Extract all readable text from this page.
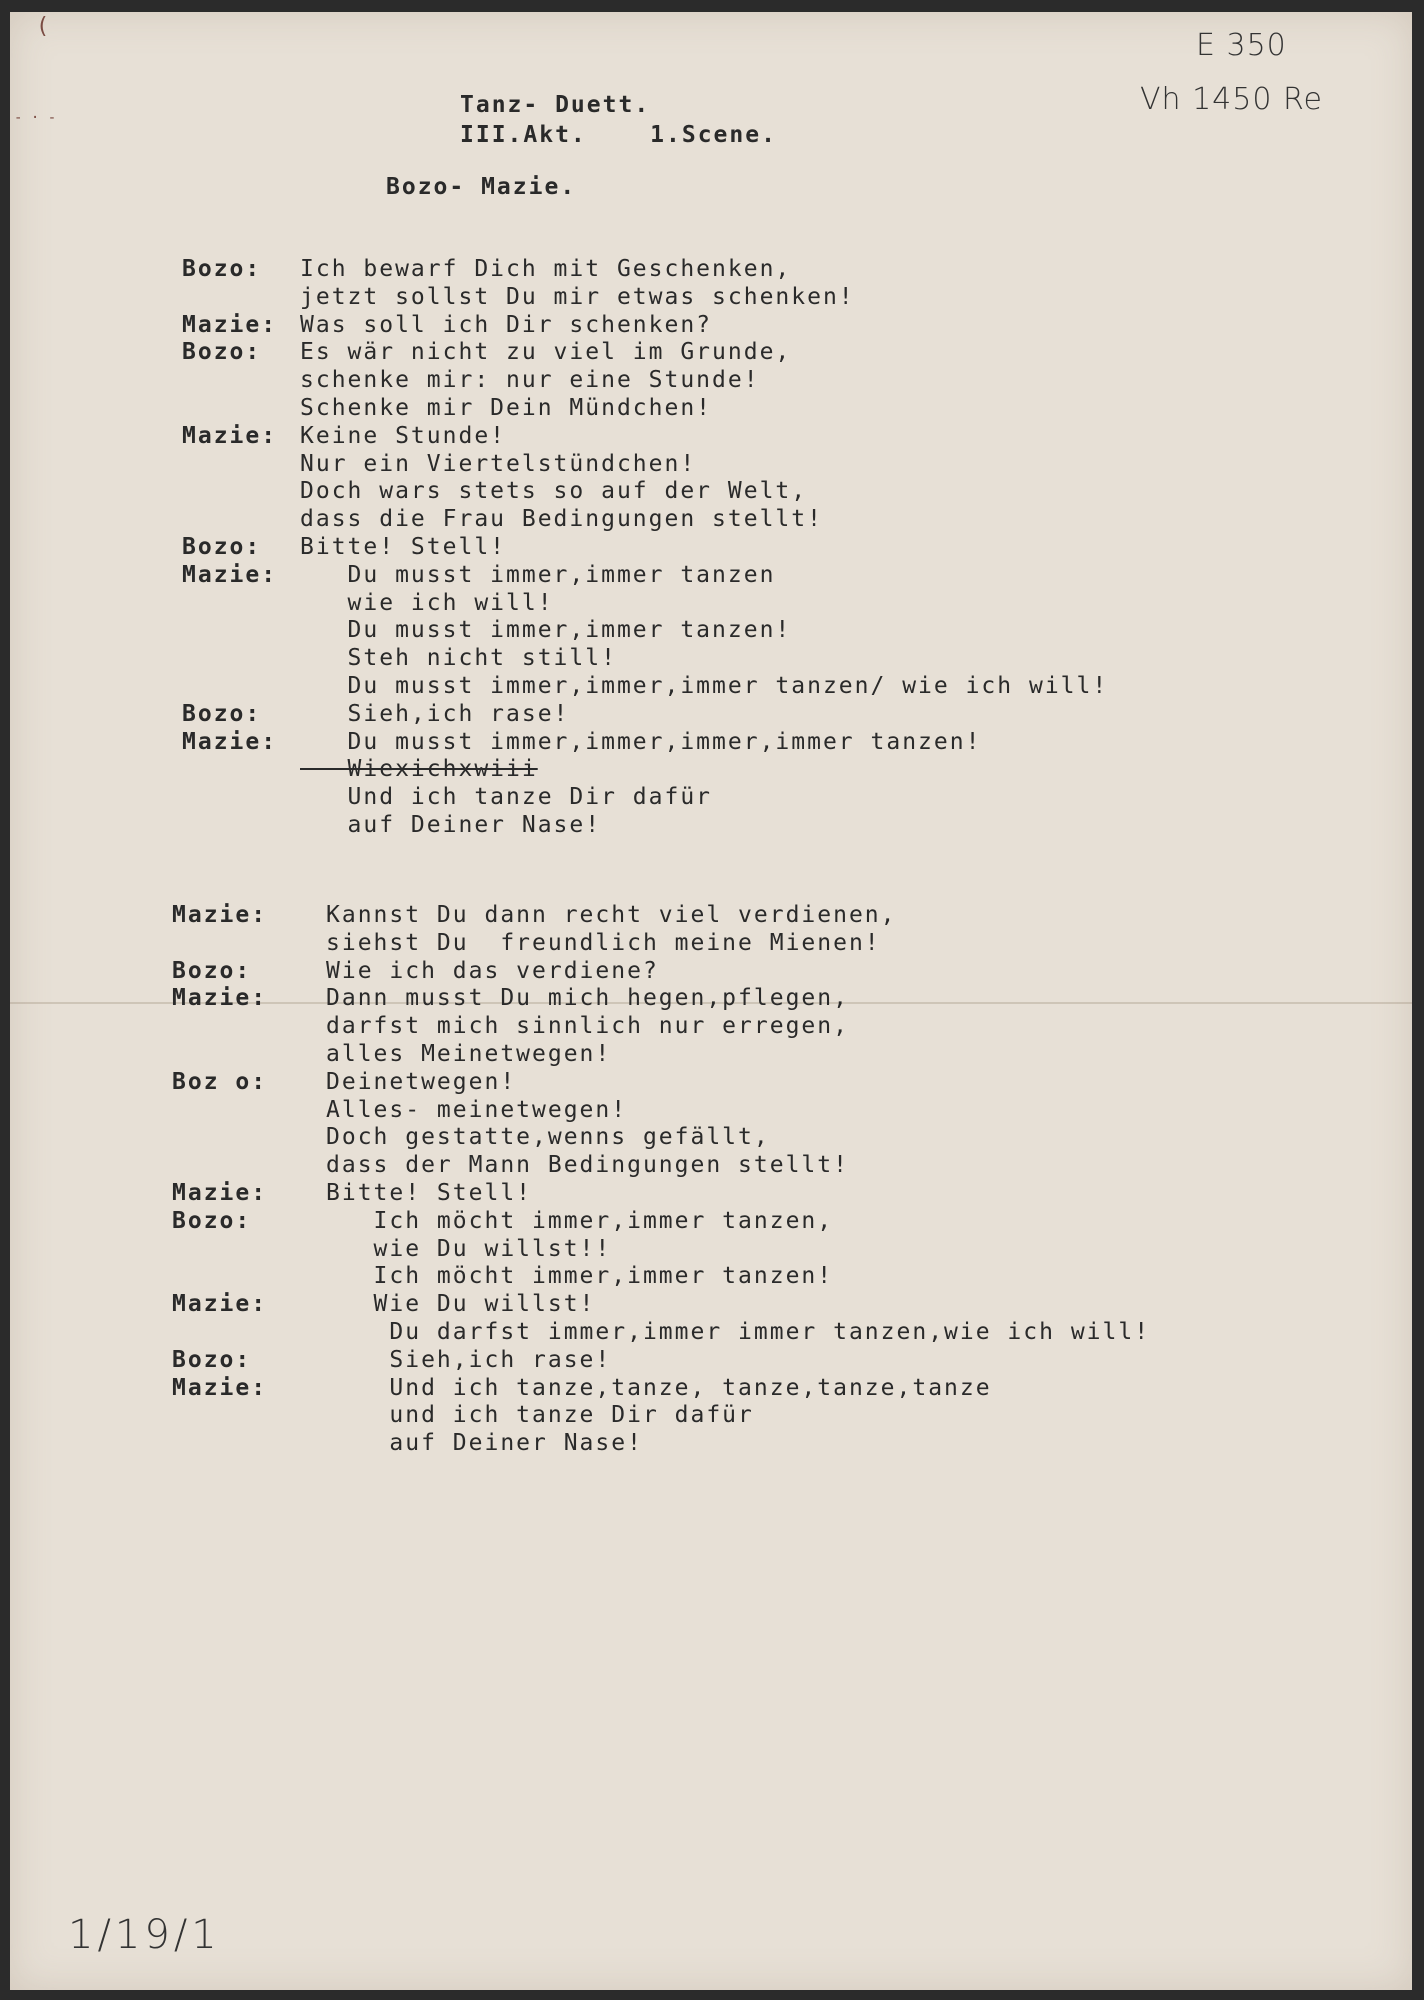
(
- · -
E 350
Vh 1450 Re
1/19/1
Tanz- Duett.
III.Akt.    1.Scene.
Bozo- Mazie.
Bozo: Ich bewarf Dich mit Geschenken,
jetzt sollst Du mir etwas schenken!
Mazie: Was soll ich Dir schenken?
Bozo: Es wär nicht zu viel im Grunde,
schenke mir: nur eine Stunde!
Schenke mir Dein Mündchen!
Mazie: Keine Stunde!
Nur ein Viertelstündchen!
Doch wars stets so auf der Welt,
dass die Frau Bedingungen stellt!
Bozo: Bitte! Stell!
Mazie: Du musst immer,immer tanzen
wie ich will!
Du musst immer,immer tanzen!
Steh nicht still!
Du musst immer,immer,immer tanzen/ wie ich will!
Bozo: Sieh,ich rase!
Mazie: Du musst immer,immer,immer,immer tanzen!
Wiexichxwiii
Und ich tanze Dir dafür
auf Deiner Nase!
Mazie:	Kannst Du dann recht viel verdienen,
siehst Du  freundlich meine Mienen!
Bozo:	Wie ich das verdiene?
Mazie:	Dann musst Du mich hegen,pflegen,
darfst mich sinnlich nur erregen,
alles Meinetwegen!
Boz o:	Deinetwegen!
Alles- meinetwegen!
Doch gestatte,wenns gefällt,
dass der Mann Bedingungen stellt!
Mazie:	Bitte! Stell!
Bozo:	Ich möcht immer,immer tanzen,
wie Du willst!!
Ich möcht immer,immer tanzen!
Mazie:	Wie Du willst!
Du darfst immer,immer immer tanzen,wie ich will!
Bozo:	Sieh,ich rase!
Mazie:	Und ich tanze,tanze, tanze,tanze,tanze
und ich tanze Dir dafür
auf Deiner Nase!
